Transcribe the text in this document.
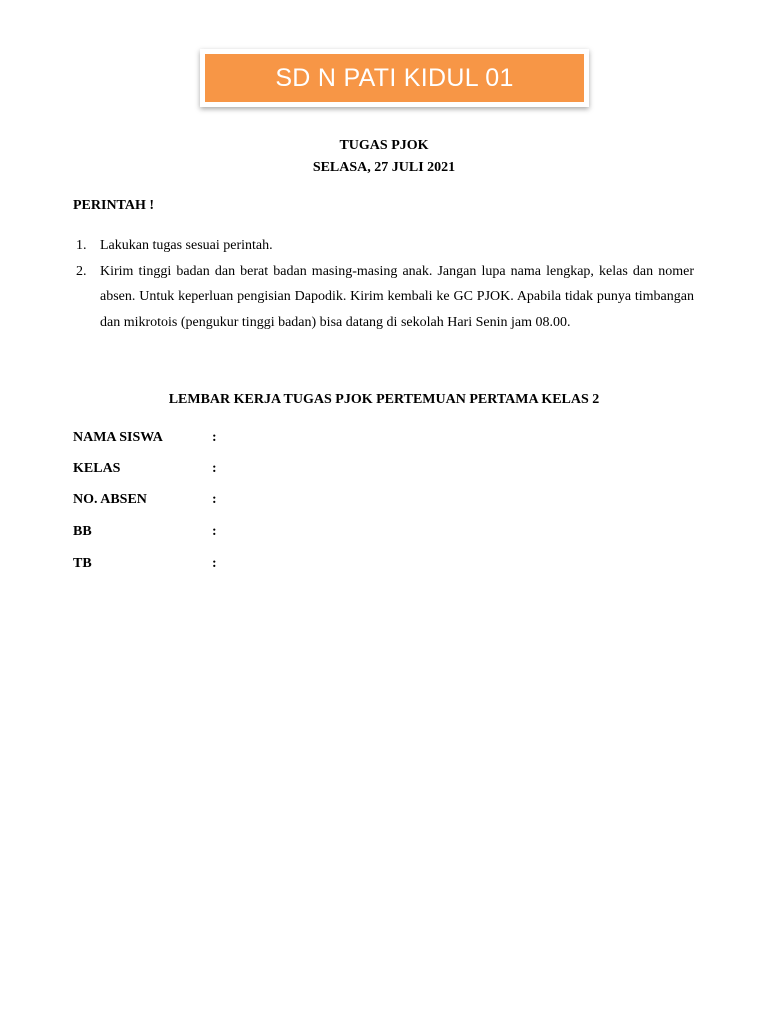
SD N PATI KIDUL 01
TUGAS PJOK
SELASA, 27 JULI 2021
PERINTAH !
1. Lakukan tugas sesuai perintah.
2. Kirim tinggi badan dan berat badan masing-masing anak. Jangan lupa nama lengkap, kelas dan nomer absen. Untuk keperluan pengisian Dapodik. Kirim kembali ke GC PJOK. Apabila tidak punya timbangan dan mikrotois (pengukur tinggi badan) bisa datang di sekolah Hari Senin jam 08.00.
LEMBAR KERJA TUGAS PJOK PERTEMUAN PERTAMA KELAS 2
NAMA SISWA	:
KELAS	:
NO. ABSEN	:
BB	:
TB	:
